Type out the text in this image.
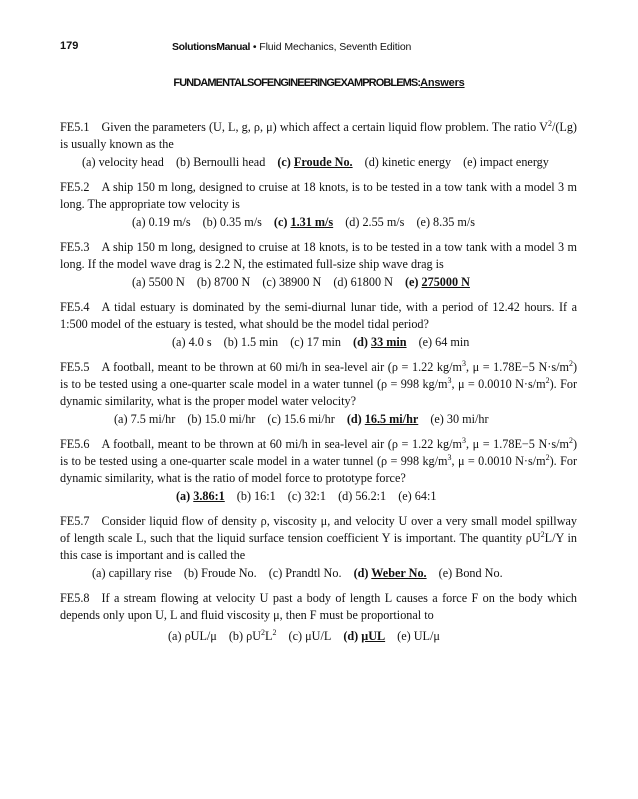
179	SolutionsManual • Fluid Mechanics, Seventh Edition
FUNDAMENTALSOFENGINEERINGEXAMPROBLEMS:Answers
FE5.1 Given the parameters (U, L, g, ρ, μ) which affect a certain liquid flow problem. The ratio $V^2/(Lg)$ is usually known as the
(a) velocity head (b) Bernoulli head (c) Froude No. (d) kinetic energy (e) impact energy
FE5.2 A ship 150 m long, designed to cruise at 18 knots, is to be tested in a tow tank with a model 3 m long. The appropriate tow velocity is
(a) 0.19 m/s (b) 0.35 m/s (c) 1.31 m/s (d) 2.55 m/s (e) 8.35 m/s
FE5.3 A ship 150 m long, designed to cruise at 18 knots, is to be tested in a tow tank with a model 3 m long. If the model wave drag is 2.2 N, the estimated full-size ship wave drag is
(a) 5500 N (b) 8700 N (c) 38900 N (d) 61800 N (e) 275000 N
FE5.4 A tidal estuary is dominated by the semi-diurnal lunar tide, with a period of 12.42 hours. If a 1:500 model of the estuary is tested, what should be the model tidal period?
(a) 4.0 s (b) 1.5 min (c) 17 min (d) 33 min (e) 64 min
FE5.5 A football, meant to be thrown at 60 mi/h in sea-level air (ρ = 1.22 $kg/m^3$, μ = 1.78E−5 $N\cdot s/m^2$) is to be tested using a one-quarter scale model in a water tunnel (ρ = 998 $kg/m^3$, μ = 0.0010 $N\cdot s/m^2$). For dynamic similarity, what is the proper model water velocity?
(a) 7.5 mi/hr (b) 15.0 mi/hr (c) 15.6 mi/hr (d) 16.5 mi/hr (e) 30 mi/hr
FE5.6 A football, meant to be thrown at 60 mi/h in sea-level air (ρ = 1.22 $kg/m^3$, μ = 1.78E−5 $N\cdot s/m^2$) is to be tested using a one-quarter scale model in a water tunnel (ρ = 998 $kg/m^3$, μ = 0.0010 $N\cdot s/m^2$). For dynamic similarity, what is the ratio of model force to prototype force?
(a) 3.86:1 (b) 16:1 (c) 32:1 (d) 56.2:1 (e) 64:1
FE5.7 Consider liquid flow of density ρ, viscosity μ, and velocity U over a very small model spillway of length scale L, such that the liquid surface tension coefficient Y is important. The quantity $\rho U^2L/Y$ in this case is important and is called the
(a) capillary rise (b) Froude No. (c) Prandtl No. (d) Weber No. (e) Bond No.
FE5.8 If a stream flowing at velocity U past a body of length L causes a force F on the body which depends only upon U, L and fluid viscosity μ, then F must be proportional to
(a) ρUL/μ (b) $\rho U^2L^2$ (c) μU/L (d) μUL (e) UL/μ
